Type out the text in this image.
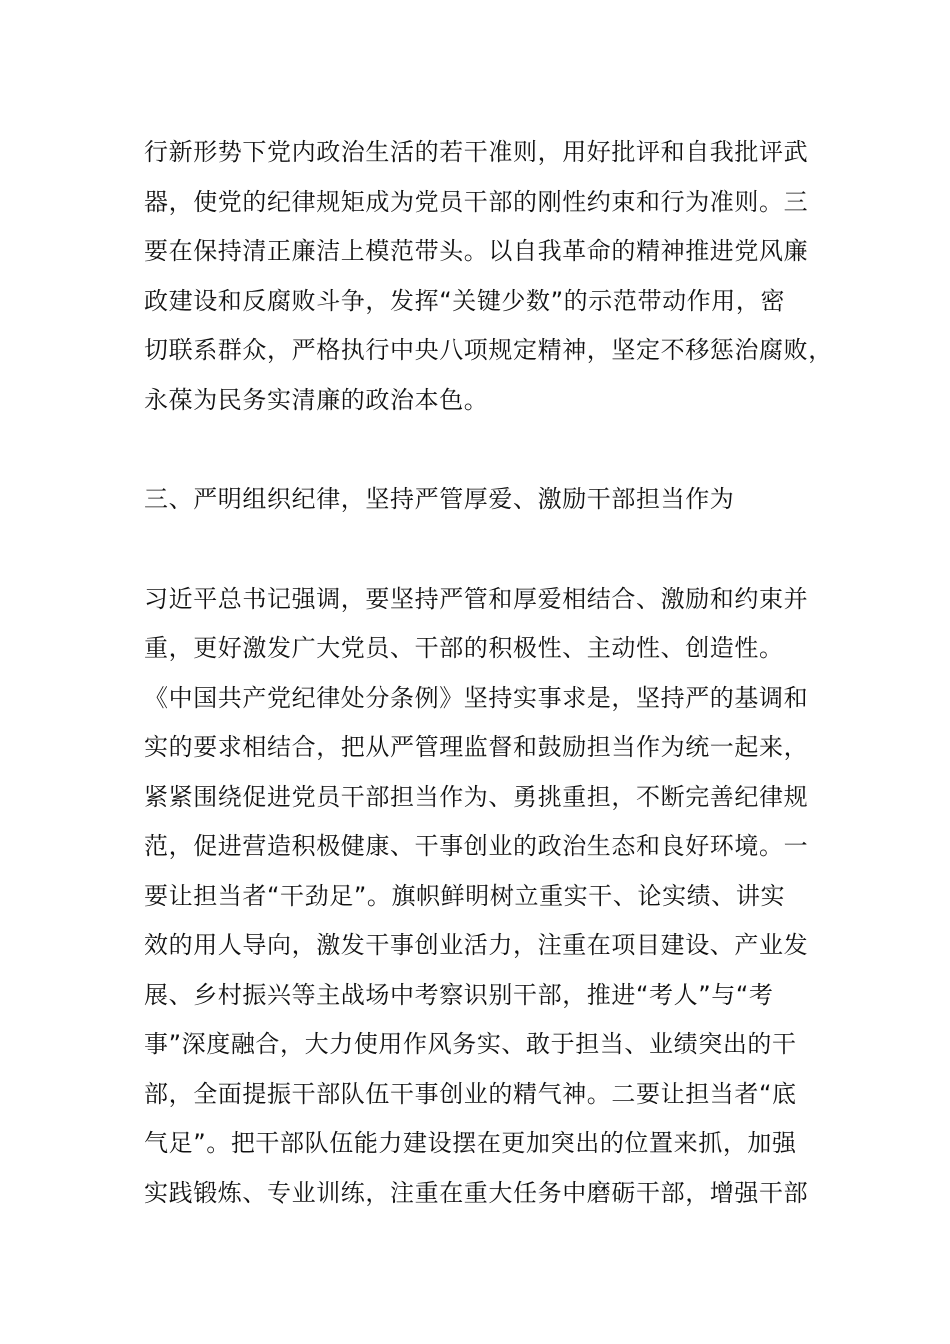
行新形势下党内政治生活的若干准则，用好批评和自我批评武
器，使党的纪律规矩成为党员干部的刚性约束和行为准则。三
要在保持清正廉洁上模范带头。以自我革命的精神推进党风廉
政建设和反腐败斗争，发挥“关键少数”的示范带动作用，密
切联系群众，严格执行中央八项规定精神，坚定不移惩治腐败，
永葆为民务实清廉的政治本色。
三、严明组织纪律，坚持严管厚爱、激励干部担当作为
习近平总书记强调，要坚持严管和厚爱相结合、激励和约束并
重，更好激发广大党员、干部的积极性、主动性、创造性。
《中国共产党纪律处分条例》坚持实事求是，坚持严的基调和
实的要求相结合，把从严管理监督和鼓励担当作为统一起来，
紧紧围绕促进党员干部担当作为、勇挑重担，不断完善纪律规
范，促进营造积极健康、干事创业的政治生态和良好环境。一
要让担当者“干劲足”。旗帜鲜明树立重实干、论实绩、讲实
效的用人导向，激发干事创业活力，注重在项目建设、产业发
展、乡村振兴等主战场中考察识别干部，推进“考人”与“考
事”深度融合，大力使用作风务实、敢于担当、业绩突出的干
部，全面提振干部队伍干事创业的精气神。二要让担当者“底
气足”。把干部队伍能力建设摆在更加突出的位置来抓，加强
实践锻炼、专业训练，注重在重大任务中磨砺干部，增强干部
